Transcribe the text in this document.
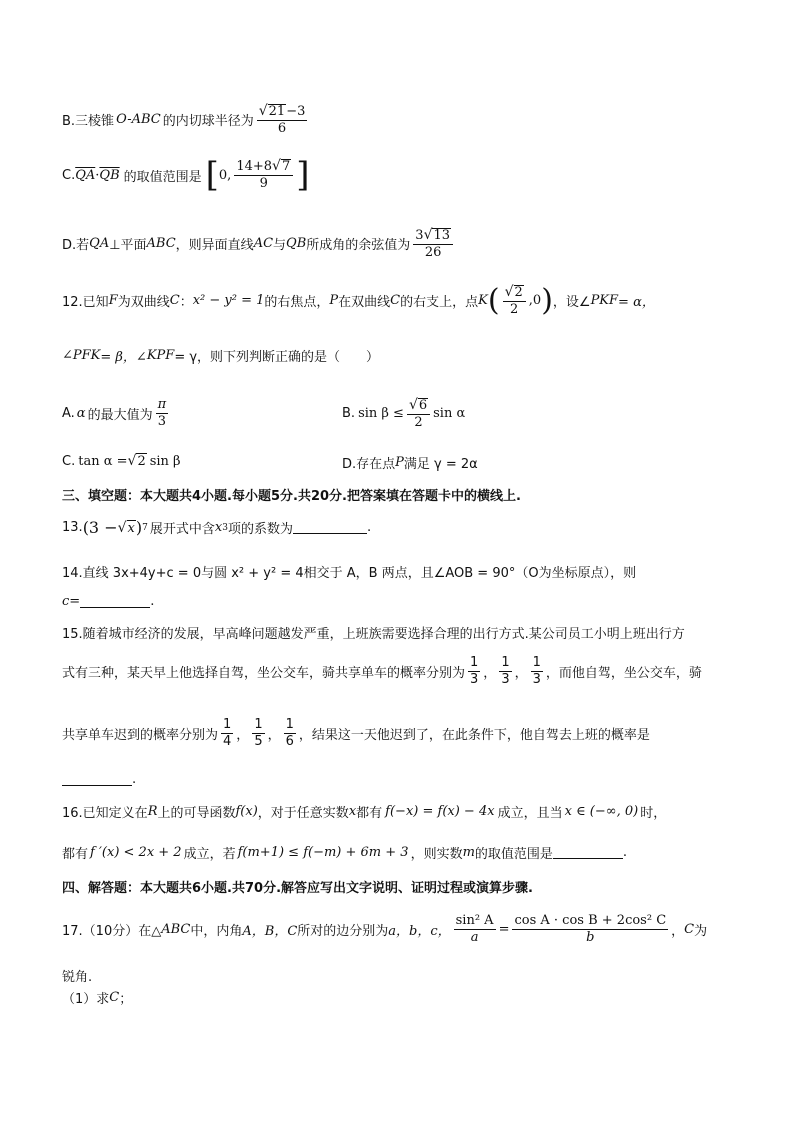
B.三棱锥 O-ABC 的内切球半径为 $\frac{√ 21 -3}{6}$
C. $\overline{QA} \cdot \overline{QB}$ 的取值范围是 [ 0, $\frac{14+8 √ 7}{9}$ ]
D.若 QA ⊥平面 ABC ，则异面直线 AC 与 QB 所成角的余弦值为 $\frac{3 √ 13}{26}$
12.已知 F 为双曲线 C ： x² − y² = 1 的右焦点， P 在双曲线 C 的右支上，点 K ( $\frac{√ 2}{2} ,0$ ) ，设∠ PKF = α，
∠ PFK = β，∠ KPF = γ，则下列判断正确的是（　　）
A. α 的最大值为 $\frac{\pi}{3}$	B. $\sin \beta \le \frac{√ 6}{2}$ sin α
C. tan α = √ 2 sin β	D.存在点 P 满足 γ = 2α
三、填空题：本大题共4小题.每小题5分.共20分.把答案填在答题卡中的横线上.
13. (3 − √ x ) 7 展开式中含 x 3 项的系数为	.
14.直线 3x+4y+c = 0与圆 x² + y² = 4相交于 A，B 两点，且∠AOB = 90°（O为坐标原点），则
c=	.
15.随着城市经济的发展，早高峰问题越发严重，上班族需要选择合理的出行方式.某公司员工小明上班出行方
式有三种，某天早上他选择自驾，坐公交车，骑共享单车的概率分别为 $\frac{1}{3}$ ， $\frac{1}{3}$ ， $\frac{1}{3}$ ，而他自驾，坐公交车，骑
共享单车迟到的概率分别为 $\frac{1}{4}$ ， $\frac{1}{5}$ ， $\frac{1}{6}$ ，结果这一天他迟到了，在此条件下，他自驾去上班的概率是
.
16.已知定义在 R 上的可导函数 f(x) ，对于任意实数 x 都有 f(−x) = f(x) − 4x 成立，且当 x ∈ (−∞, 0) 时，
都有 f ′(x) < 2x + 2 成立，若 f(m+1) ≤ f(−m) + 6m + 3 ，则实数 m 的取值范围是	.
四、解答题：本大题共6小题.共70分.解答应写出文字说明、证明过程或演算步骤.
17.（10分）在△ ABC 中，内角 A，B，C 所对的边分别为 a，b，c， $\frac{\text{sin² A}}{a} = \frac{\text{cos A · cos B + 2cos² C}}{b}$ ， C 为
锐角.
（1）求 C ；
